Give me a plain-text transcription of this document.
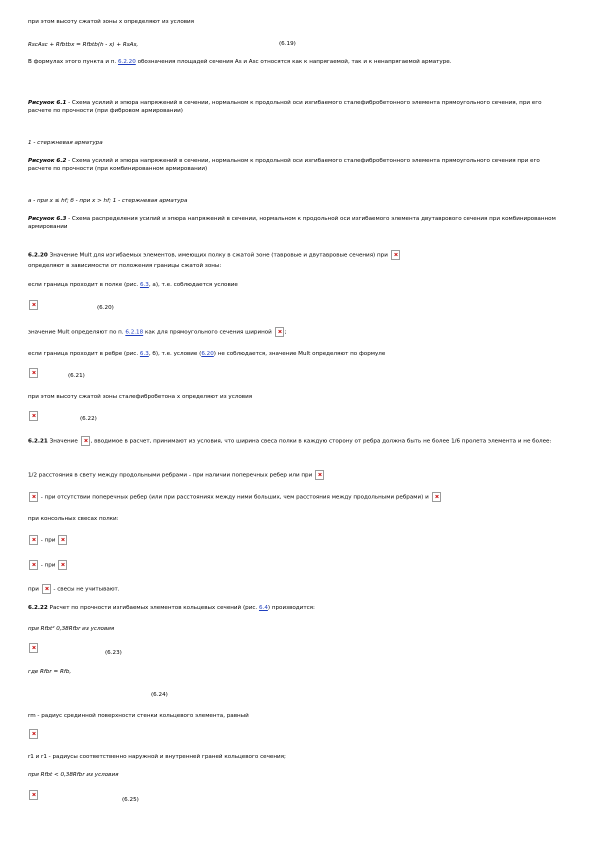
при этом высоту сжатой зоны x определяют из условия
RscAsc + Rfbtbx = Rfbtb(h - x) + RsAs,	(6.19)
В формулах этого пункта и п. 6.2.20 обозначения площадей сечения As и Asc относятся как к напрягаемой, так и к ненапрягаемой арматуре.
Рисунок 6.1 - Схема усилий и эпюра напряжений в сечении, нормальном к продольной оси изгибаемого сталефибробетонного элемента прямоугольного сечения, при его расчете по прочности (при фибровом армировании)
1 - стержневая арматура
Рисунок 6.2 - Схема усилий и эпюра напряжений в сечении, нормальном к продольной оси изгибаемого сталефибробетонного элемента прямоугольного сечения при его расчете по прочности (при комбинированном армировании)
а - при x ≤ hf; б - при x > hf; 1 - стержневая арматура
Рисунок 6.3 - Схема распределения усилий и эпюра напряжений в сечении, нормальном к продольной оси изгибаемого элемента двутаврового сечения при комбинированном армировании
6.2.20 Значение Mult для изгибаемых элементов, имеющих полку в сжатой зоне (тавровые и двутавровые сечения) при
определяют в зависимости от положения границы сжатой зоны:
если граница проходит в полке (рис. 6.3, а), т.е. соблюдается условие
(6.20)
значение Mult определяют по п. 6.2.18 как для прямоугольного сечения шириной ;
если граница проходит в ребре (рис. 6.3, б), т.е. условие (6.20) не соблюдается, значение Mult определяют по формуле
(6.21)
при этом высоту сжатой зоны сталефибробетона x определяют из условия
(6.22)
6.2.21 Значение , вводимое в расчет, принимают из условия, что ширина свеса полки в каждую сторону от ребра должна быть не более 1/6 пролета элемента и не более:
1/2 расстояния в свету между продольными ребрами - при наличии поперечных ребер или при
- при отсутствии поперечных ребер (или при расстояниях между ними больших, чем расстояния между продольными ребрами) и
при консольных свесах полки:
- при
- при
при	- свесы не учитывают.
6.2.22 Расчет по прочности изгибаемых элементов кольцевых сечений (рис. 6.4) производится:
при Rfbt² 0,38Rfbr из условия
(6.23)
где Rfbr = Rfb,
(6.24)
rm - радиус срединной поверхности стенки кольцевого элемента, равный
r1 и r1 - радиусы соответственно наружной и внутренней граней кольцевого сечения;
при Rfbt < 0,38Rfbr из условия
(6.25)
